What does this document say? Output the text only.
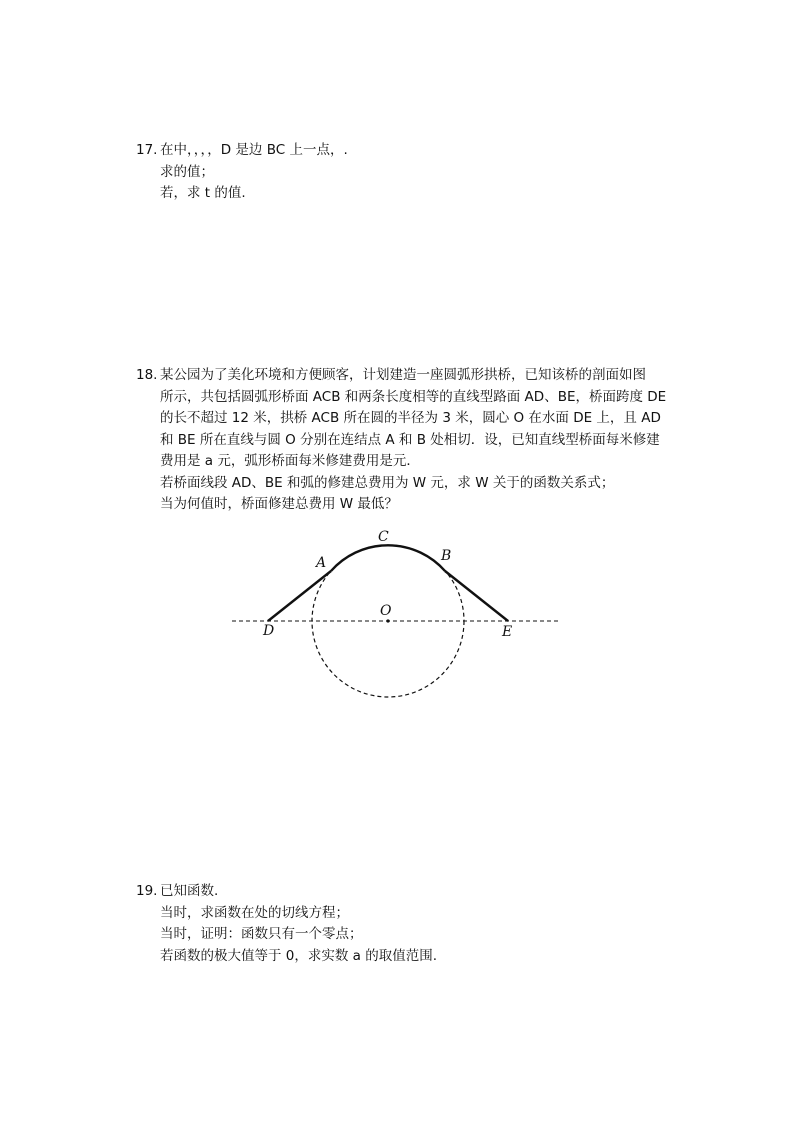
17. 在中，，，，D 是边 BC 上一点，.
求的值；
若，求 t 的值.
18. 某公园为了美化环境和方便顾客，计划建造一座圆弧形拱桥，已知该桥的剖面如图
所示，共包括圆弧形桥面 ACB 和两条长度相等的直线型路面 AD、BE，桥面跨度 DE
的长不超过 12 米，拱桥 ACB 所在圆的半径为 3 米，圆心 O 在水面 DE 上，且 AD
和 BE 所在直线与圆 O 分别在连结点 A 和 B 处相切．设，已知直线型桥面每米修建
费用是 a 元，弧形桥面每米修建费用是元．
若桥面线段 AD、BE 和弧的修建总费用为 W 元，求 W 关于的函数关系式；
当为何值时，桥面修建总费用 W 最低？
A
C
B
O
D	E
19. 已知函数.
当时，求函数在处的切线方程；
当时，证明：函数只有一个零点；
若函数的极大值等于 0，求实数 a 的取值范围.
